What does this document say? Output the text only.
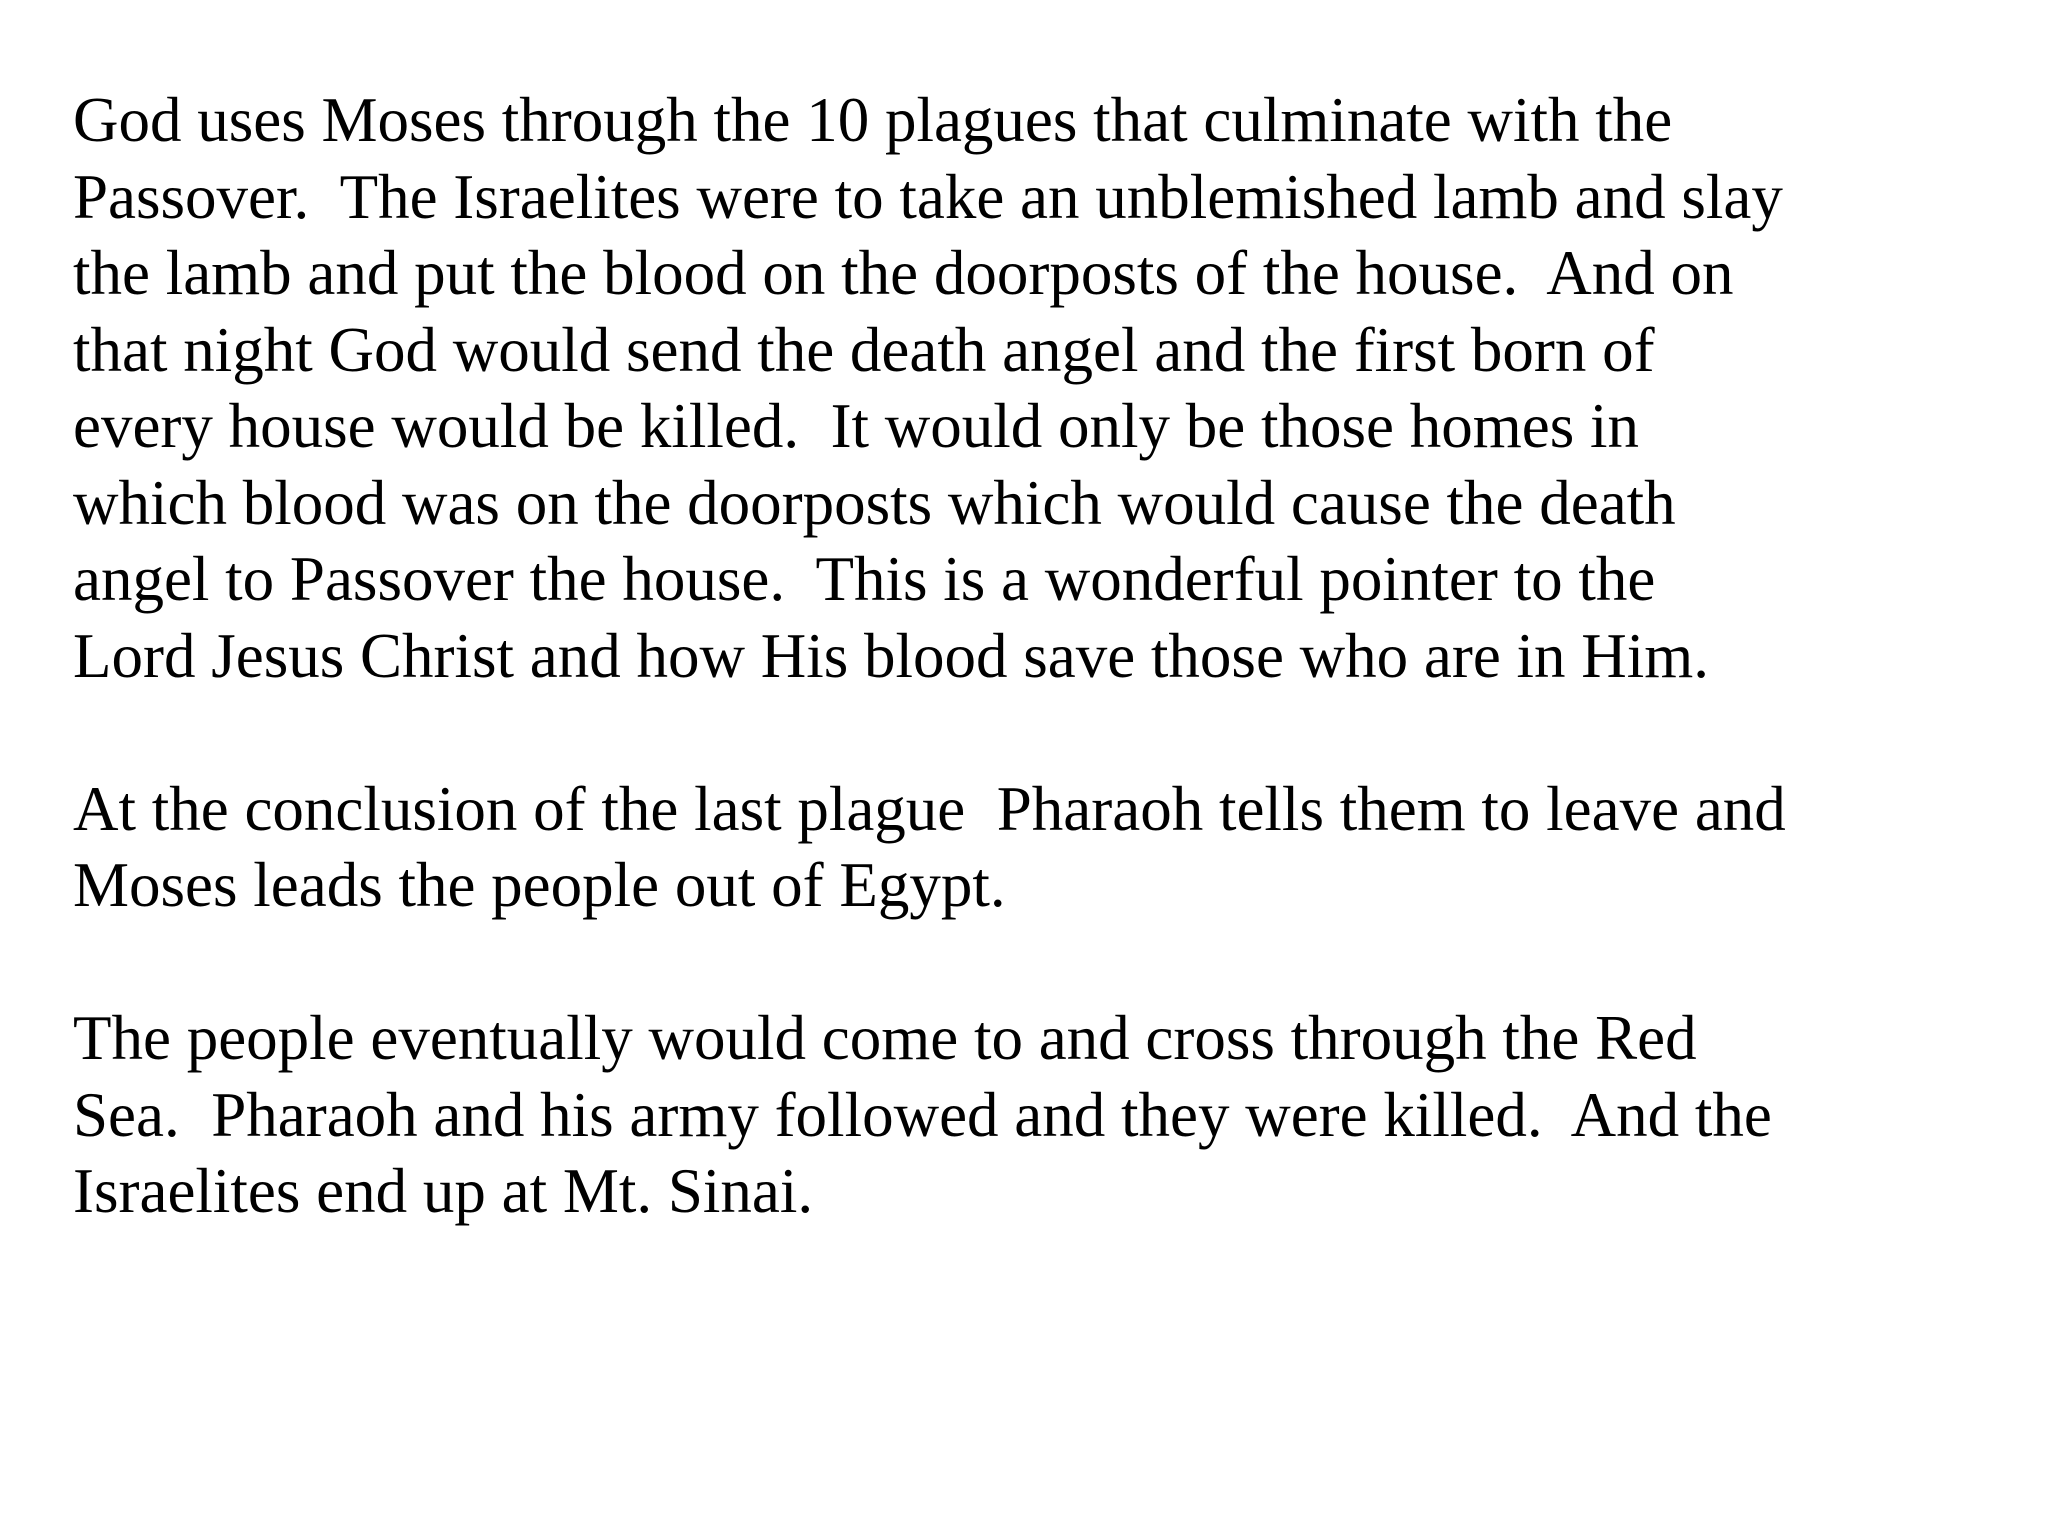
God uses Moses through the 10 plagues that culminate with the
Passover.  The Israelites were to take an unblemished lamb and slay
the lamb and put the blood on the doorposts of the house.  And on
that night God would send the death angel and the first born of
every house would be killed.  It would only be those homes in
which blood was on the doorposts which would cause the death
angel to Passover the house.  This is a wonderful pointer to the
Lord Jesus Christ and how His blood save those who are in Him.

At the conclusion of the last plague  Pharaoh tells them to leave and
Moses leads the people out of Egypt.

The people eventually would come to and cross through the Red
Sea.  Pharaoh and his army followed and they were killed.  And the
Israelites end up at Mt. Sinai.
